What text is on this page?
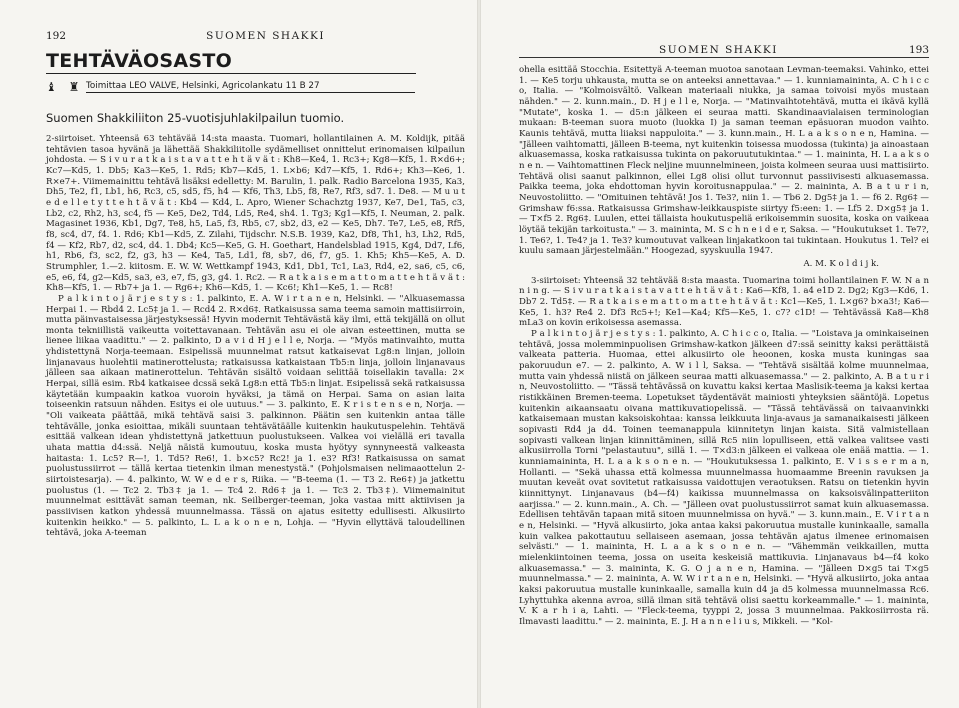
192	SUOMEN SHAKKI
TEHTÄVÄOSASTO
♝ ♜ Toimittaa LEO VALVE, Helsinki, Agricolankatu 11 B 27
Suomen Shakkiliiton 25-vuotisjuhlakilpailun tuomio.

2-siirtoiset. Yhteensä 63 tehtävää 14:sta maasta. Tuomari, hollantilainen A. M. Koldijk, pitää tehtävien tasoa hyvänä ja lähettää Shakkiliitolle sydämelliset onnittelut erinomaisen kilpailun johdosta. — S i v u r a t k a i s t a v a t t e h t ä v ä t : Kh8—Ke4, 1. Rc3+; Kg8—Kf5, 1. R×d6+; Kc7—Kd5, 1. Db5; Ka3—Ke5, 1. Rd5; Kb7—Kd5, 1. L×b6; Kd7—Kf5, 1. Rd6+; Kh3—Ke6, 1. R×e7+. Viimemainittu tehtävä lisäksi edelletty: M. Barulin, 1. palk. Radio Barcelona 1935, Ka3, Dh5, Te2, f1, Lb1, h6, Rc3, c5, sd5, f5, h4 — Kf6, Th3, Lb5, f8, Re7, Rf3, sd7. 1. De8. — M u u t e d e l l e t y t t e h t ä v ä t : Kb4 — Kd4, L. Apro, Wiener Schachztg 1937, Ke7, De1, Ta5, c3, Lb2, c2, Rh2, h3, sc4, f5 — Ke5, De2, Td4, Ld5, Re4, sh4. 1. Tg3; Kg1—Kf5, I. Neuman, 2. palk. Magasinet 1936, Kb1, Dg7, Te8, h5, La5, f3, Rb5, c7, sb2, d3, e2 — Ke5, Dh7. Te7, Le5, e8, Rf5, f8, sc4, d7, f4. 1. Rd6; Kb1—Kd5, Z. Zilahi, Tijdschr. N.S.B. 1939, Ka2, Df8, Th1, h3, Lh2, Rd5, f4 — Kf2, Rb7, d2, sc4, d4. 1. Db4; Kc5—Ke5, G. H. Goethart, Handelsblad 1915, Kg4, Dd7, Lf6, h1, Rb6, f3, sc2, f2, g3, h3 — Ke4, Ta5, Ld1, f8, sb7, d6, f7, g5. 1. Kh5; Kh5—Ke5, A. D. Strumphler, 1.—2. kiitosm. E. W. W. Wettkampf 1943, Kd1, Db1, Tc1, La3, Rd4, e2, sa6, c5, c6, e5, e6, f4, g2—Kd5, sa3, e3, e7, f5, g3, g4. 1. Rc2. — R a t k a i s e m a t t o m a t t e h t ä v ä t : Kh8—Kf5, 1. — Rb7+ ja 1. — Rg6+; Kh6—Kd5, 1. — Kc6!; Kh1—Ke5, 1. — Rc8!

P a l k i n t o j ä r j e s t y s : 1. palkinto, E. A. W i r t a n e n, Helsinki. — "Alkuasemassa Herpai 1. — Rbd4 2. Lc5‡ ja 1. — Rcd4 2. R×d6‡. Ratkaisussa sama teema samoin mattisiirroin, mutta päinvastaisessa järjestyksessä! Hyvin modernit Tehtävästä käy ilmi, että tekijällä on ollut monta tekniillistä vaikeutta voitettavanaan. Tehtävän asu ei ole aivan esteettinen, mutta se lienee liikaa vaadittu." — 2. palkinto, D a v i d H j e l l e, Norja. — "Myös matinvaihto, mutta yhdistettynä Norja-teemaan. Esipelissä muunnelmat ratsut katkaisevat Lg8:n linjan, jolloin linjanavaus huolehtii matinerottelusta; ratkaisussa katkaistaan Tb5:n linja, jolloin linjanavaus jälleen saa aikaan matinerottelun. Tehtävän sisältö voidaan selittää toisellakin tavalla: 2× Herpai, sillä esim. Rb4 katkaisee dcssä sekä Lg8:n että Tb5:n linjat. Esipelissä sekä ratkaisussa käytetään kumpaakin katkoa vuoroin hyväksi, ja tämä on Herpai. Sama on asian laita toiseenkin ratsuun nähden. Esitys ei ole uutuus." — 3. palkinto, E. K r i s t e n s e n, Norja. — "Oli vaikeata päättää, mikä tehtävä saisi 3. palkinnon. Päätin sen kuitenkin antaa tälle tehtävälle, jonka esioittaa, mikäli suuntaan tehtävätäälle kuitenkin haukutuspelehin. Tehtävä esittää valkean idean yhdistettynä jatkettuun puolustukseen. Valkea voi vielällä eri tavalla uhata mattia d4:ssä. Neljä näistä kumoutuu, koska musta hyötyy synnyneestä valkeasta haitasta: 1. Lc5? R—!, 1. Td5? Re6!, 1. b×c5? Rc2! ja 1. e3? Rf3! Ratkaisussa on samat puolustussiirrot — tällä kertaa tietenkin ilman menestystä." (Pohjolsmaisen nelimaaottelun 2-siirtoistesarja). — 4. palkinto, W. W e d e r s, Riika. — "B-teema (1. — T3 2. Re6‡) ja jatkettu puolustus (1. — Tc2 2. Tb3‡ ja 1. — Tc4 2. Rd6‡ ja 1. — Tc3 2. Tb3‡). Viimemainitut muunnelmat esittävät saman teeman, nk. Seilberger-teeman, joka vastaa mitt aktiivisen ja passiivisen katkon yhdessä muunnelmassa. Tässä on ajatus esitetty edullisesti. Alkusiirto kuitenkin heikko." — 5. palkinto, L. L a k o n e n, Lohja. — "Hyvin ellyttävä taloudellinen tehtävä, joka A-teeman

SUOMEN SHAKKI	193

ohella esittää Stocchia. Esitettyä A-teeman muotoa sanotaan Levman-teemaksi. Vahinko, ettei 1. — Ke5 torju uhkausta, mutta se on anteeksi annettavaa." — 1. kunniamaininta, A. C h i c c o, Italia. — "Kolmoisvältö. Valkean materiaali niukka, ja samaa toivoisi myös mustaan nähden." — 2. kunn.main., D. H j e l l e, Norja. — "Matinvaihtotehtävä, mutta ei ikävä kyllä "Mutate", koska 1. — d5:n jälkeen ei seuraa matti. Skandinaavialaisen terminologian mukaan: B-teeman suora muoto (luokka I) ja saman teeman epäsuoran muodon vaihto. Kaunis tehtävä, mutta liiaksi nappuloita." — 3. kunn.main., H. L a a k s o n e n, Hamina. — "Jälleen vaihtomatti, jälleen B-teema, nyt kuitenkin toisessa muodossa (tukinta) ja ainoastaan alkuasemassa, koska ratkaisussa tukinta on pakoruututukintaa." — 1. maininta, H. L a a k s o n e n. — Vaihtomattinen Fleck neljine muunnelmineen, joista kolmeen seuraa uusi mattisiirto. Tehtävä olisi saanut palkinnon, ellei Lg8 olisi ollut turvonnut passiivisesti alkuasemassa. Paikka teema, joka ehdottoman hyvin koroitusnappulaa." — 2. maininta, A. B a t u r i n, Neuvostoliitto. — "Omituinen tehtävä! Jos 1. Te3?, niin 1. — Tb6 2. Dg5‡ ja 1. — f6 2. Rg6‡ — Grimshaw f6:ssa. Ratkaisussa Grimshaw-leikkauspiste siirtyy f5:een: 1. — Lf5 2. D×g5‡ ja 1. — T×f5 2. Rg6‡. Luulen, ettei tällaista houkutuspeliä erikoisemmin suosita, koska on vaikeaa löytää tekijän tarkoitusta." — 3. maininta, M. S c h n e i d e r, Saksa. — "Houkutukset 1. Te7?, 1. Te6?, 1. Te4? ja 1. Te3? kumoutuvat valkean linjakatkoon tai tukintaan. Houkutus 1. Tel? ei kuulu samaan järjestelmään." Hoogezad, syyskuulla 1947.

A. M. K o l d i j k.

3-siirtoiset: Yhteensä 32 tehtävää 8:sta maasta. Tuomarina toimi hollantilainen F. W. N a n n i n g. — S i v u r a t k a i s t a v a t t e h t ä v ä t : Ka6—Kf8, 1. a4 e1D 2. Dg2; Kg3—Kd6, 1. Db7 2. Td5‡. — R a t k a i s e m a t t o m a t t e h t ä v ä t : Kc1—Ke5, 1. L×g6? b×a3!; Ka6—Ke5, 1. h3? Re4 2. Df3 Rc5+!; Ke1—Ka4; Kf5—Ke5, 1. c7? c1D! — Tehtävässä Ka8—Kh8 mLa3 on kovin erikoisessa asemassa.

P a l k i n t o j ä r j e s t y s : 1. palkinto, A. C h i c c o, Italia. — "Loistava ja ominkaiseinen tehtävä, jossa molemminpuolisen Grimshaw-katkon jälkeen d7:ssä seinitty kaksi perättäistä valkeata patteria. Huomaa, ettei alkusiirto ole heoonen, koska musta kuningas saa pakoruudun e7. — 2. palkinto, A. W i l l, Saksa. — "Tehtävä sisältää kolme muunnelmaa, mutta vain yhdessä niistä on jälkeen seuraa matti alkuasemassa." — 2. palkinto, A. B a t u r i n, Neuvostoliitto. — "Tässä tehtävässä on kuvattu kaksi kertaa Maslisik-teema ja kaksi kertaa ristikkäinen Bremen-teema. Lopetukset täydentävät mainiosti yhteyksien sääntöjä. Lopetus kuitenkin aikaansaatu oivana mattikuvatiopelissä. — "Tässä tehtävässä on taivaanvinkki katkaisemaan mustan kaksoiskohtaa: kanssa leikkuuta linja-avaus ja samanaikaisesti jälkeen sopivasti Rd4 ja d4. Toinen teemanappula kiinnitetyn linjan kaista. Sitä valmistellaan sopivasti valkean linjan kiinnittäminen, sillä Rc5 niin lopulliseen, että valkea valitsee vasti alkusiirrolla Torni "pelastautuu", sillä 1. — T×d3:n jälkeen ei valkeaa ole enää mattia. — 1. kunniamaininta, H. L a a k s o n e n. — "Houkutuksessa 1. palkinto, E. V i s s e r m a n, Hollanti. — "Sekä uhassa että kolmessa muunnelmassa huomaamme Breenin ravuksen ja muutan keveät ovat sovitetut ratkaisussa vaidottujen veraotuksen. Ratsu on tietenkin hyvin kiinnittynyt. Linjanavaus (b4—f4) kaikissa muunnelmassa on kaksoisvälinpatteriiton aarjissa." — 2. kunn.main., A. Ch. — "Jälleen ovat puolustussiirrot samat kuin alkuasemassa. Edellisen tehtävän tapaan mitä sitoen muunnelmissa on hyvä." — 3. kunn.main., E. V i r t a n e n, Helsinki. — "Hyvä alkusiirto, joka antaa kaksi pakoruutua mustalle kuninkaalle, samalla kuin valkea pakottautuu sellaiseen asemaan, jossa tehtävän ajatus ilmenee erinomaisen selvästi." — 1. maininta, H. L a a k s o n e n. — "Vähemmän veikkaillen, mutta mielenkiintoinen teema, jossa on useita keskeisiä mattikuvia. Linjanavaus b4—f4 koko alkuasemassa." — 3. maininta, K. G. O j a n e n, Hamina. — "Jälleen D×g5 tai T×g5 muunnelmassa." — 2. maininta, A. W. W i r t a n e n, Helsinki. — "Hyvä alkusiirto, joka antaa kaksi pakoruutua mustalle kuninkaalle, samalla kuin d4 ja d5 kolmessa muunnelmassa Rc6. Lyhyttuhka akenna avroa, sillä ilman sitä tehtävä olisi saettu korkeammalle." — 1. maininta, V. K a r h i a, Lahti. — "Fleck-teema, tyyppi 2, jossa 3 muunnelmaa. Pakkosiirrosta rä. Ilmavasti laadittu." — 2. maininta, E. J. H a n n e l i u s, Mikkeli. — "Kol-
